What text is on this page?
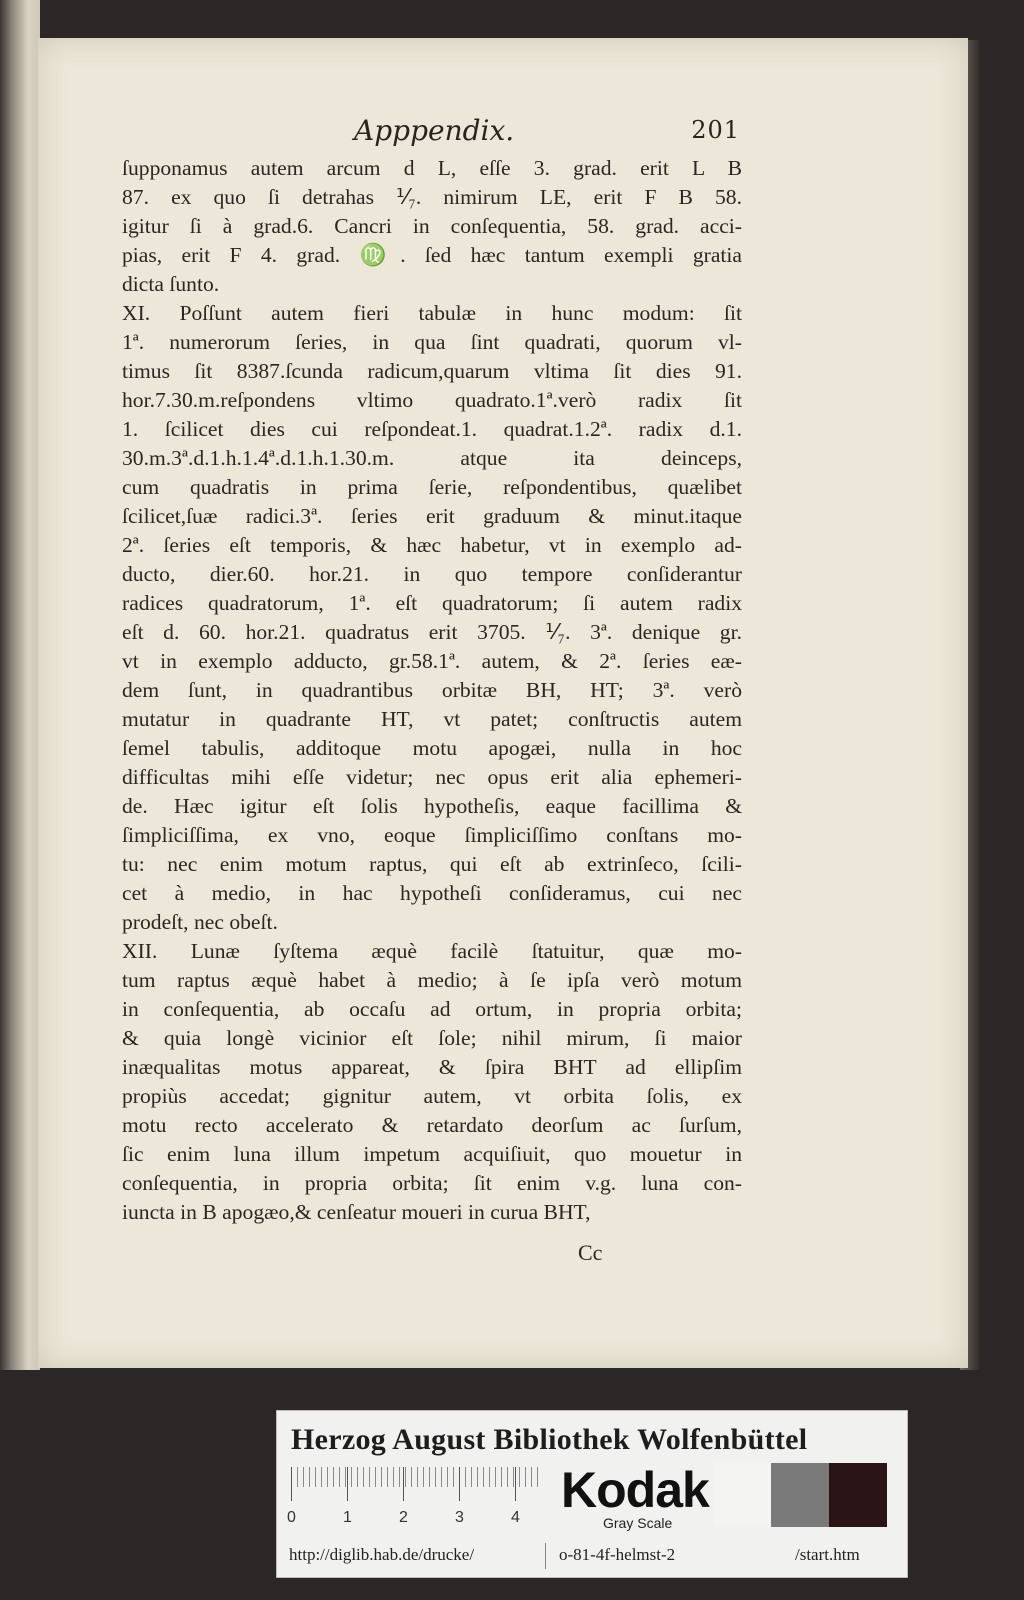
Apppendix.	201
ſupponamus autem arcum d L, eſſe 3. grad. erit L B
87. ex quo ſi detrahas ⅟₇. nimirum LE, erit F B 58.
igitur ſi à grad.6. Cancri in conſequentia, 58. grad. acci-
pias, erit F 4. grad. ♍. ſed hæc tantum exempli gratia
dicta ſunto.
XI. Poſſunt autem fieri tabulæ in hunc modum: ſit
1ª. numerorum ſeries, in qua ſint quadrati, quorum vl-
timus ſit 8387.ſcunda radicum,quarum vltima ſit dies 91.
hor.7.30.m.reſpondens vltimo quadrato.1ª.verò radix ſit
1. ſcilicet dies cui reſpondeat.1. quadrat.1.2ª. radix d.1.
30.m.3ª.d.1.h.1.4ª.d.1.h.1.30.m. atque ita deinceps,
cum quadratis in prima ſerie, reſpondentibus, quælibet
ſcilicet,ſuæ radici.3ª. ſeries erit graduum & minut.itaque
2ª. ſeries eſt temporis, & hæc habetur, vt in exemplo ad-
ducto, dier.60. hor.21. in quo tempore conſiderantur
radices quadratorum, 1ª. eſt quadratorum; ſi autem radix
eſt d. 60. hor.21. quadratus erit 3705. ⅟₇. 3ª. denique gr.
vt in exemplo adducto, gr.58.1ª. autem, & 2ª. ſeries eæ-
dem ſunt, in quadrantibus orbitæ BH, HT; 3ª. verò
mutatur in quadrante HT, vt patet; conſtructis autem
ſemel tabulis, additoque motu apogæi, nulla in hoc
difficultas mihi eſſe videtur; nec opus erit alia ephemeri-
de. Hæc igitur eſt ſolis hypotheſis, eaque facillima &
ſimpliciſſima, ex vno, eoque ſimpliciſſimo conſtans mo-
tu: nec enim motum raptus, qui eſt ab extrinſeco, ſcili-
cet à medio, in hac hypotheſi conſideramus, cui nec
prodeſt, nec obeſt.
XII. Lunæ ſyſtema æquè facilè ſtatuitur, quæ mo-
tum raptus æquè habet à medio; à ſe ipſa verò motum
in conſequentia, ab occaſu ad ortum, in propria orbita;
& quia longè vicinior eſt ſole; nihil mirum, ſi maior
inæqualitas motus appareat, & ſpira BHT ad ellipſim
propiùs accedat; gignitur autem, vt orbita ſolis, ex
motu recto accelerato & retardato deorſum ac ſurſum,
ſic enim luna illum impetum acquiſiuit, quo mouetur in
conſequentia, in propria orbita; ſit enim v.g. luna con-
iuncta in B apogæo,& cenſeatur moueri in curua BHT,
Cc
Herzog August Bibliothek Wolfenbüttel
0	1	2	3	4 Kodak
Gray Scale
http://diglib.hab.de/drucke/	o-81-4f-helmst-2	/start.htm
